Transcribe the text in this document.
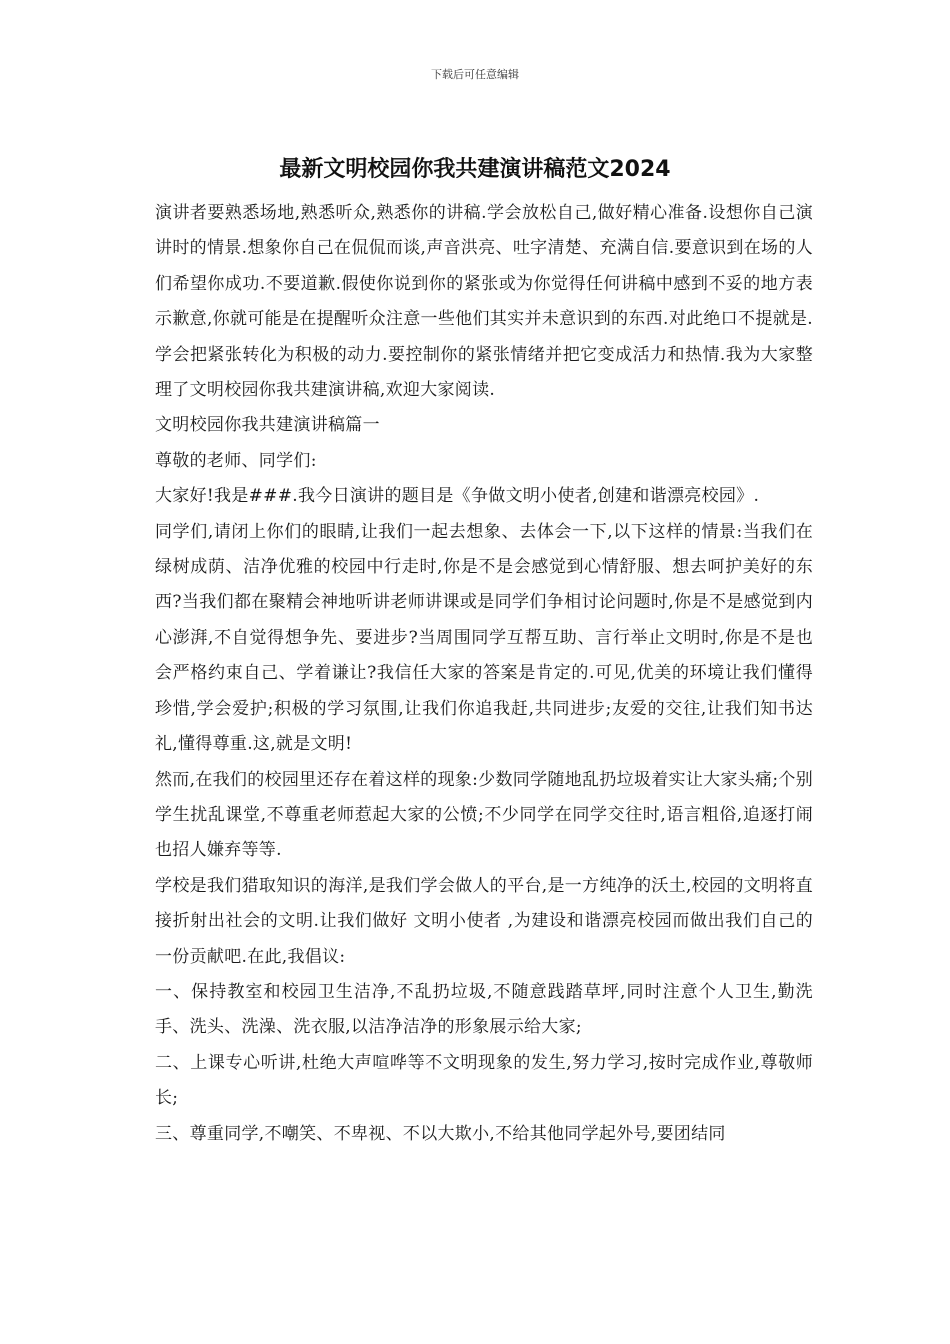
下载后可任意编辑
最新文明校园你我共建演讲稿范文2024

演讲者要熟悉场地,熟悉听众,熟悉你的讲稿.学会放松自己,做好精心准备.设想你自己演讲时的情景.想象你自己在侃侃而谈,声音洪亮、吐字清楚、充满自信.要意识到在场的人们希望你成功.不要道歉.假使你说到你的紧张或为你觉得任何讲稿中感到不妥的地方表示歉意,你就可能是在提醒听众注意一些他们其实并未意识到的东西.对此绝口不提就是. 学会把紧张转化为积极的动力.要控制你的紧张情绪并把它变成活力和热情.我为大家整理了文明校园你我共建演讲稿,欢迎大家阅读.

文明校园你我共建演讲稿篇一

尊敬的老师、同学们:

大家好!我是###.我今日演讲的题目是《争做文明小使者,创建和谐漂亮校园》.

同学们,请闭上你们的眼睛,让我们一起去想象、去体会一下,以下这样的情景:当我们在绿树成荫、洁净优雅的校园中行走时,你是不是会感觉到心情舒服、想去呵护美好的东西?当我们都在聚精会神地听讲老师讲课或是同学们争相讨论问题时,你是不是感觉到内心澎湃,不自觉得想争先、要进步?当周围同学互帮互助、言行举止文明时,你是不是也会严格约束自己、学着谦让?我信任大家的答案是肯定的.可见,优美的环境让我们懂得珍惜,学会爱护;积极的学习氛围,让我们你追我赶,共同进步;友爱的交往,让我们知书达礼,懂得尊重.这,就是文明!

然而,在我们的校园里还存在着这样的现象:少数同学随地乱扔垃圾着实让大家头痛;个别学生扰乱课堂,不尊重老师惹起大家的公愤;不少同学在同学交往时,语言粗俗,追逐打闹也招人嫌弃等等.

学校是我们猎取知识的海洋,是我们学会做人的平台,是一方纯净的沃土,校园的文明将直接折射出社会的文明.让我们做好 文明小使者 ,为建设和谐漂亮校园而做出我们自己的一份贡献吧.在此,我倡议:

一、保持教室和校园卫生洁净,不乱扔垃圾,不随意践踏草坪,同时注意个人卫生,勤洗手、洗头、洗澡、洗衣服,以洁净洁净的形象展示给大家;

二、上课专心听讲,杜绝大声喧哗等不文明现象的发生,努力学习,按时完成作业,尊敬师长;

三、尊重同学,不嘲笑、不卑视、不以大欺小,不给其他同学起外号,要团结同
